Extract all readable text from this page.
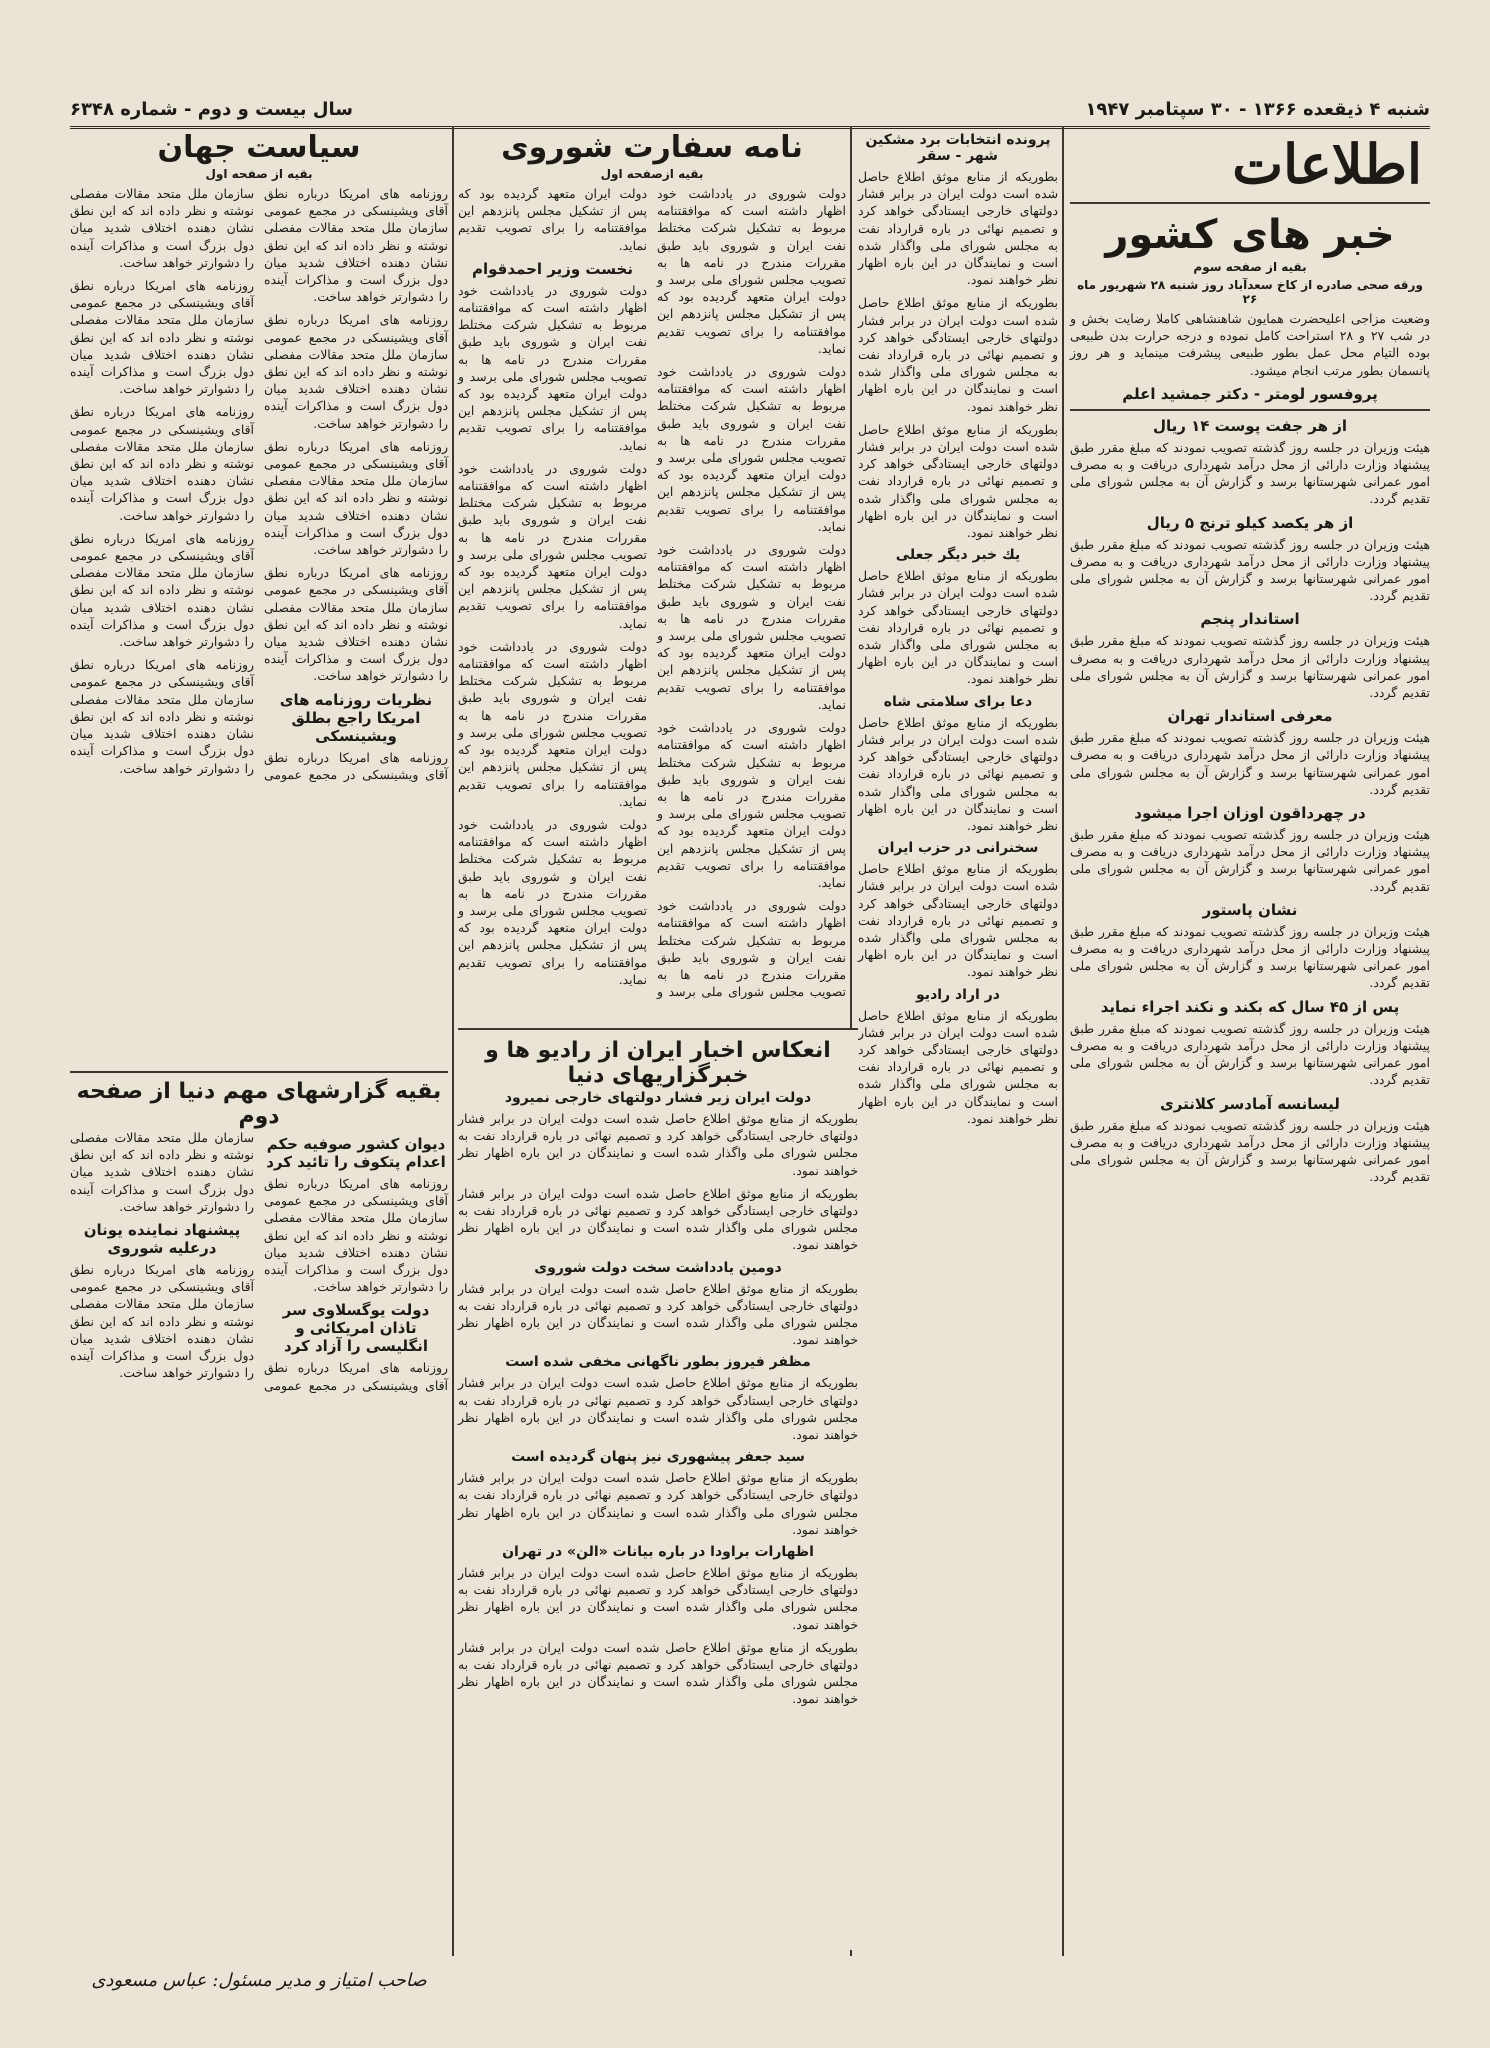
شنبه ۴ ذیقعده ۱۳۶۶ - ۳۰ سپتامبر ۱۹۴۷
سال بیست و دوم - شماره ۶۳۴۸
اطلاعات
خبر های کشور
بقیه از صفحه سوم
ورقه صحی صادره از کاخ سعدآباد روز شنبه ۲۸ شهریور ماه ۲۶

وضعیت مزاجی اعلیحضرت همایون شاهنشاهی کاملا رضایت بخش و در شب ۲۷ و ۲۸ استراحت کامل نموده و درجه حرارت بدن طبیعی بوده التیام محل عمل بطور طبیعی پیشرفت مینماید و هر روز پانسمان بطور مرتب انجام میشود.

پروفسور لومتر - دکتر جمشید اعلم
از هر جفت پوست ۱۴ ریال

هیئت وزیران در جلسه روز گذشته تصویب نمودند که مبلغ مقرر طبق پیشنهاد وزارت دارائی از محل درآمد شهرداری دریافت و به مصرف امور عمرانی شهرستانها برسد و گزارش آن به مجلس شورای ملی تقدیم گردد.

از هر یکصد کیلو ترنج ۵ ریال

هیئت وزیران در جلسه روز گذشته تصویب نمودند که مبلغ مقرر طبق پیشنهاد وزارت دارائی از محل درآمد شهرداری دریافت و به مصرف امور عمرانی شهرستانها برسد و گزارش آن به مجلس شورای ملی تقدیم گردد.

استاندار پنجم

هیئت وزیران در جلسه روز گذشته تصویب نمودند که مبلغ مقرر طبق پیشنهاد وزارت دارائی از محل درآمد شهرداری دریافت و به مصرف امور عمرانی شهرستانها برسد و گزارش آن به مجلس شورای ملی تقدیم گردد.

معرفی استاندار تهران

هیئت وزیران در جلسه روز گذشته تصویب نمودند که مبلغ مقرر طبق پیشنهاد وزارت دارائی از محل درآمد شهرداری دریافت و به مصرف امور عمرانی شهرستانها برسد و گزارش آن به مجلس شورای ملی تقدیم گردد.

در چهرداقون اوزان اجرا میشود

هیئت وزیران در جلسه روز گذشته تصویب نمودند که مبلغ مقرر طبق پیشنهاد وزارت دارائی از محل درآمد شهرداری دریافت و به مصرف امور عمرانی شهرستانها برسد و گزارش آن به مجلس شورای ملی تقدیم گردد.

نشان پاستور

هیئت وزیران در جلسه روز گذشته تصویب نمودند که مبلغ مقرر طبق پیشنهاد وزارت دارائی از محل درآمد شهرداری دریافت و به مصرف امور عمرانی شهرستانها برسد و گزارش آن به مجلس شورای ملی تقدیم گردد.

پس از ۴۵ سال که بکند و نکند اجراء نماید

هیئت وزیران در جلسه روز گذشته تصویب نمودند که مبلغ مقرر طبق پیشنهاد وزارت دارائی از محل درآمد شهرداری دریافت و به مصرف امور عمرانی شهرستانها برسد و گزارش آن به مجلس شورای ملی تقدیم گردد.

لیسانسه آمادسر کلانتری

هیئت وزیران در جلسه روز گذشته تصویب نمودند که مبلغ مقرر طبق پیشنهاد وزارت دارائی از محل درآمد شهرداری دریافت و به مصرف امور عمرانی شهرستانها برسد و گزارش آن به مجلس شورای ملی تقدیم گردد.

پرونده انتخابات برد مشکین شهر - سقر

بطوریکه از منابع موثق اطلاع حاصل شده است دولت ایران در برابر فشار دولتهای خارجی ایستادگی خواهد کرد و تصمیم نهائی در باره قرارداد نفت به مجلس شورای ملی واگذار شده است و نمایندگان در این باره اظهار نظر خواهند نمود.

بطوریکه از منابع موثق اطلاع حاصل شده است دولت ایران در برابر فشار دولتهای خارجی ایستادگی خواهد کرد و تصمیم نهائی در باره قرارداد نفت به مجلس شورای ملی واگذار شده است و نمایندگان در این باره اظهار نظر خواهند نمود.

بطوریکه از منابع موثق اطلاع حاصل شده است دولت ایران در برابر فشار دولتهای خارجی ایستادگی خواهد کرد و تصمیم نهائی در باره قرارداد نفت به مجلس شورای ملی واگذار شده است و نمایندگان در این باره اظهار نظر خواهند نمود.

یك خبر دیگر جعلی

بطوریکه از منابع موثق اطلاع حاصل شده است دولت ایران در برابر فشار دولتهای خارجی ایستادگی خواهد کرد و تصمیم نهائی در باره قرارداد نفت به مجلس شورای ملی واگذار شده است و نمایندگان در این باره اظهار نظر خواهند نمود.

دعا برای سلامتی شاه

بطوریکه از منابع موثق اطلاع حاصل شده است دولت ایران در برابر فشار دولتهای خارجی ایستادگی خواهد کرد و تصمیم نهائی در باره قرارداد نفت به مجلس شورای ملی واگذار شده است و نمایندگان در این باره اظهار نظر خواهند نمود.

سخنرانی در حزب ایران

بطوریکه از منابع موثق اطلاع حاصل شده است دولت ایران در برابر فشار دولتهای خارجی ایستادگی خواهد کرد و تصمیم نهائی در باره قرارداد نفت به مجلس شورای ملی واگذار شده است و نمایندگان در این باره اظهار نظر خواهند نمود.

در اراد رادیو

بطوریکه از منابع موثق اطلاع حاصل شده است دولت ایران در برابر فشار دولتهای خارجی ایستادگی خواهد کرد و تصمیم نهائی در باره قرارداد نفت به مجلس شورای ملی واگذار شده است و نمایندگان در این باره اظهار نظر خواهند نمود.

انعکاس اخبار ایران از رادیو ها و خبرگزاریهای دنیا
دولت ایران زیر فشار دولتهای خارجی نمیرود

بطوریکه از منابع موثق اطلاع حاصل شده است دولت ایران در برابر فشار دولتهای خارجی ایستادگی خواهد کرد و تصمیم نهائی در باره قرارداد نفت به مجلس شورای ملی واگذار شده است و نمایندگان در این باره اظهار نظر خواهند نمود.

بطوریکه از منابع موثق اطلاع حاصل شده است دولت ایران در برابر فشار دولتهای خارجی ایستادگی خواهد کرد و تصمیم نهائی در باره قرارداد نفت به مجلس شورای ملی واگذار شده است و نمایندگان در این باره اظهار نظر خواهند نمود.

دومین یادداشت سخت دولت شوروی

بطوریکه از منابع موثق اطلاع حاصل شده است دولت ایران در برابر فشار دولتهای خارجی ایستادگی خواهد کرد و تصمیم نهائی در باره قرارداد نفت به مجلس شورای ملی واگذار شده است و نمایندگان در این باره اظهار نظر خواهند نمود.

مظفر فیروز بطور ناگهانی مخفی شده است

بطوریکه از منابع موثق اطلاع حاصل شده است دولت ایران در برابر فشار دولتهای خارجی ایستادگی خواهد کرد و تصمیم نهائی در باره قرارداد نفت به مجلس شورای ملی واگذار شده است و نمایندگان در این باره اظهار نظر خواهند نمود.

سید جعفر پیشهوری نیز پنهان گردیده است

بطوریکه از منابع موثق اطلاع حاصل شده است دولت ایران در برابر فشار دولتهای خارجی ایستادگی خواهد کرد و تصمیم نهائی در باره قرارداد نفت به مجلس شورای ملی واگذار شده است و نمایندگان در این باره اظهار نظر خواهند نمود.

اظهارات براودا در باره بیانات «الن» در تهران

بطوریکه از منابع موثق اطلاع حاصل شده است دولت ایران در برابر فشار دولتهای خارجی ایستادگی خواهد کرد و تصمیم نهائی در باره قرارداد نفت به مجلس شورای ملی واگذار شده است و نمایندگان در این باره اظهار نظر خواهند نمود.

بطوریکه از منابع موثق اطلاع حاصل شده است دولت ایران در برابر فشار دولتهای خارجی ایستادگی خواهد کرد و تصمیم نهائی در باره قرارداد نفت به مجلس شورای ملی واگذار شده است و نمایندگان در این باره اظهار نظر خواهند نمود.

نامه سفارت شوروی
بقیه ازصفحه اول

دولت شوروی در یادداشت خود اظهار داشته است که موافقتنامه مربوط به تشکیل شرکت مختلط نفت ایران و شوروی باید طبق مقررات مندرج در نامه ها به تصویب مجلس شورای ملی برسد و دولت ایران متعهد گردیده بود که پس از تشکیل مجلس پانزدهم این موافقتنامه را برای تصویب تقدیم نماید.

دولت شوروی در یادداشت خود اظهار داشته است که موافقتنامه مربوط به تشکیل شرکت مختلط نفت ایران و شوروی باید طبق مقررات مندرج در نامه ها به تصویب مجلس شورای ملی برسد و دولت ایران متعهد گردیده بود که پس از تشکیل مجلس پانزدهم این موافقتنامه را برای تصویب تقدیم نماید.

دولت شوروی در یادداشت خود اظهار داشته است که موافقتنامه مربوط به تشکیل شرکت مختلط نفت ایران و شوروی باید طبق مقررات مندرج در نامه ها به تصویب مجلس شورای ملی برسد و دولت ایران متعهد گردیده بود که پس از تشکیل مجلس پانزدهم این موافقتنامه را برای تصویب تقدیم نماید.

دولت شوروی در یادداشت خود اظهار داشته است که موافقتنامه مربوط به تشکیل شرکت مختلط نفت ایران و شوروی باید طبق مقررات مندرج در نامه ها به تصویب مجلس شورای ملی برسد و دولت ایران متعهد گردیده بود که پس از تشکیل مجلس پانزدهم این موافقتنامه را برای تصویب تقدیم نماید.

دولت شوروی در یادداشت خود اظهار داشته است که موافقتنامه مربوط به تشکیل شرکت مختلط نفت ایران و شوروی باید طبق مقررات مندرج در نامه ها به تصویب مجلس شورای ملی برسد و دولت ایران متعهد گردیده بود که پس از تشکیل مجلس پانزدهم این موافقتنامه را برای تصویب تقدیم نماید.

نخست وزیر احمدقوام

دولت شوروی در یادداشت خود اظهار داشته است که موافقتنامه مربوط به تشکیل شرکت مختلط نفت ایران و شوروی باید طبق مقررات مندرج در نامه ها به تصویب مجلس شورای ملی برسد و دولت ایران متعهد گردیده بود که پس از تشکیل مجلس پانزدهم این موافقتنامه را برای تصویب تقدیم نماید.

دولت شوروی در یادداشت خود اظهار داشته است که موافقتنامه مربوط به تشکیل شرکت مختلط نفت ایران و شوروی باید طبق مقررات مندرج در نامه ها به تصویب مجلس شورای ملی برسد و دولت ایران متعهد گردیده بود که پس از تشکیل مجلس پانزدهم این موافقتنامه را برای تصویب تقدیم نماید.

دولت شوروی در یادداشت خود اظهار داشته است که موافقتنامه مربوط به تشکیل شرکت مختلط نفت ایران و شوروی باید طبق مقررات مندرج در نامه ها به تصویب مجلس شورای ملی برسد و دولت ایران متعهد گردیده بود که پس از تشکیل مجلس پانزدهم این موافقتنامه را برای تصویب تقدیم نماید.

دولت شوروی در یادداشت خود اظهار داشته است که موافقتنامه مربوط به تشکیل شرکت مختلط نفت ایران و شوروی باید طبق مقررات مندرج در نامه ها به تصویب مجلس شورای ملی برسد و دولت ایران متعهد گردیده بود که پس از تشکیل مجلس پانزدهم این موافقتنامه را برای تصویب تقدیم نماید.

سیاست جهان
بقیه از صفحه اول

روزنامه های امریکا درباره نطق آقای ویشینسکی در مجمع عمومی سازمان ملل متحد مقالات مفصلی نوشته و نظر داده اند که این نطق نشان دهنده اختلاف شدید میان دول بزرگ است و مذاکرات آینده را دشوارتر خواهد ساخت.

روزنامه های امریکا درباره نطق آقای ویشینسکی در مجمع عمومی سازمان ملل متحد مقالات مفصلی نوشته و نظر داده اند که این نطق نشان دهنده اختلاف شدید میان دول بزرگ است و مذاکرات آینده را دشوارتر خواهد ساخت.

روزنامه های امریکا درباره نطق آقای ویشینسکی در مجمع عمومی سازمان ملل متحد مقالات مفصلی نوشته و نظر داده اند که این نطق نشان دهنده اختلاف شدید میان دول بزرگ است و مذاکرات آینده را دشوارتر خواهد ساخت.

روزنامه های امریکا درباره نطق آقای ویشینسکی در مجمع عمومی سازمان ملل متحد مقالات مفصلی نوشته و نظر داده اند که این نطق نشان دهنده اختلاف شدید میان دول بزرگ است و مذاکرات آینده را دشوارتر خواهد ساخت.

نظریات روزنامه های امریکا راجع بطلق ویشینسکی

روزنامه های امریکا درباره نطق آقای ویشینسکی در مجمع عمومی سازمان ملل متحد مقالات مفصلی نوشته و نظر داده اند که این نطق نشان دهنده اختلاف شدید میان دول بزرگ است و مذاکرات آینده را دشوارتر خواهد ساخت.

روزنامه های امریکا درباره نطق آقای ویشینسکی در مجمع عمومی سازمان ملل متحد مقالات مفصلی نوشته و نظر داده اند که این نطق نشان دهنده اختلاف شدید میان دول بزرگ است و مذاکرات آینده را دشوارتر خواهد ساخت.

روزنامه های امریکا درباره نطق آقای ویشینسکی در مجمع عمومی سازمان ملل متحد مقالات مفصلی نوشته و نظر داده اند که این نطق نشان دهنده اختلاف شدید میان دول بزرگ است و مذاکرات آینده را دشوارتر خواهد ساخت.

روزنامه های امریکا درباره نطق آقای ویشینسکی در مجمع عمومی سازمان ملل متحد مقالات مفصلی نوشته و نظر داده اند که این نطق نشان دهنده اختلاف شدید میان دول بزرگ است و مذاکرات آینده را دشوارتر خواهد ساخت.

روزنامه های امریکا درباره نطق آقای ویشینسکی در مجمع عمومی سازمان ملل متحد مقالات مفصلی نوشته و نظر داده اند که این نطق نشان دهنده اختلاف شدید میان دول بزرگ است و مذاکرات آینده را دشوارتر خواهد ساخت.

بقیه گزارشهای مهم دنیا از صفحه دوم
دیوان کشور صوفیه حکم اعدام پتکوف را تائید کرد

روزنامه های امریکا درباره نطق آقای ویشینسکی در مجمع عمومی سازمان ملل متحد مقالات مفصلی نوشته و نظر داده اند که این نطق نشان دهنده اختلاف شدید میان دول بزرگ است و مذاکرات آینده را دشوارتر خواهد ساخت.

دولت یوگسلاوی سر تاذان امریکائی و انگلیسی را آزاد کرد

روزنامه های امریکا درباره نطق آقای ویشینسکی در مجمع عمومی سازمان ملل متحد مقالات مفصلی نوشته و نظر داده اند که این نطق نشان دهنده اختلاف شدید میان دول بزرگ است و مذاکرات آینده را دشوارتر خواهد ساخت.

پیشنهاد نماینده یونان درعلیه شوروی

روزنامه های امریکا درباره نطق آقای ویشینسکی در مجمع عمومی سازمان ملل متحد مقالات مفصلی نوشته و نظر داده اند که این نطق نشان دهنده اختلاف شدید میان دول بزرگ است و مذاکرات آینده را دشوارتر خواهد ساخت.

صاحب امتیاز و مدیر مسئول: عباس مسعودی
